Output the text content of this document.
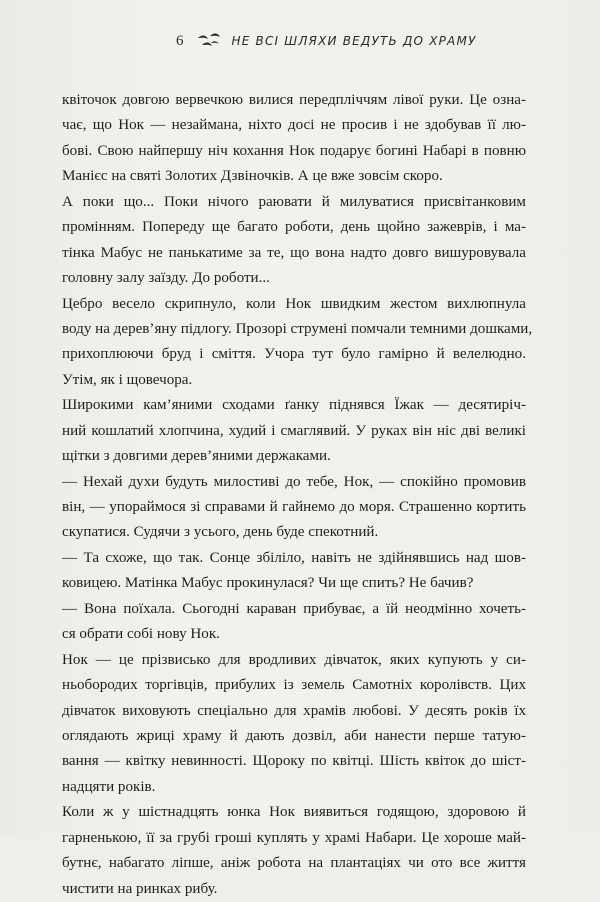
6	НЕ ВСІ ШЛЯХИ ВЕДУТЬ ДО ХРАМУ
квіточок довгою вервечкою вилися передпліччям лівої руки. Це озна-
чає, що Нок — незаймана, ніхто досі не просив і не здобував її лю-
бові. Свою найпершу ніч кохання Нок подарує богині Набарі в повню
Манієс на святі Золотих Дзвіночків. А це вже зовсім скоро.
А поки що... Поки нічого раювати й милуватися присвітанковим
промінням. Попереду ще багато роботи, день щойно зажеврів, і ма-
тінка Мабус не панькатиме за те, що вона надто довго вишуровувала
головну залу заїзду. До роботи...
Цебро весело скрипнуло, коли Нок швидким жестом вихлюпнула
воду на дерев’яну підлогу. Прозорі струмені помчали темними дошками,
прихоплюючи бруд і сміття. Учора тут було гамірно й велелюдно.
Утім, як і щовечора.
Широкими кам’яними сходами ґанку піднявся Їжак — десятиріч-
ний кошлатий хлопчина, худий і смаглявий. У руках він ніс дві великі
щітки з довгими дерев’яними держаками.
— Нехай духи будуть милостиві до тебе, Нок, — спокійно промовив
він, — упораймося зі справами й гайнемо до моря. Страшенно кортить
скупатися. Судячи з усього, день буде спекотний.
— Та схоже, що так. Сонце збіліло, навіть не здійнявшись над шов-
ковицею. Матінка Мабус прокинулася? Чи ще спить? Не бачив?
— Вона поїхала. Сьогодні караван прибуває, а їй неодмінно хочеть-
ся обрати собі нову Нок.
Нок — це прізвисько для вродливих дівчаток, яких купують у си-
ньобородих торгівців, прибулих із земель Самотніх королівств. Цих
дівчаток виховують спеціально для храмів любові. У десять років їх
оглядають жриці храму й дають дозвіл, аби нанести перше татую-
вання — квітку невинності. Щороку по квітці. Шість квіток до шіст-
надцяти років.
Коли ж у шістнадцять юнка Нок виявиться годящою, здоровою й
гарненькою, її за грубі гроші куплять у храмі Набари. Це хороше май-
бутнє, набагато ліпше, аніж робота на плантаціях чи ото все життя
чистити на ринках рибу.
